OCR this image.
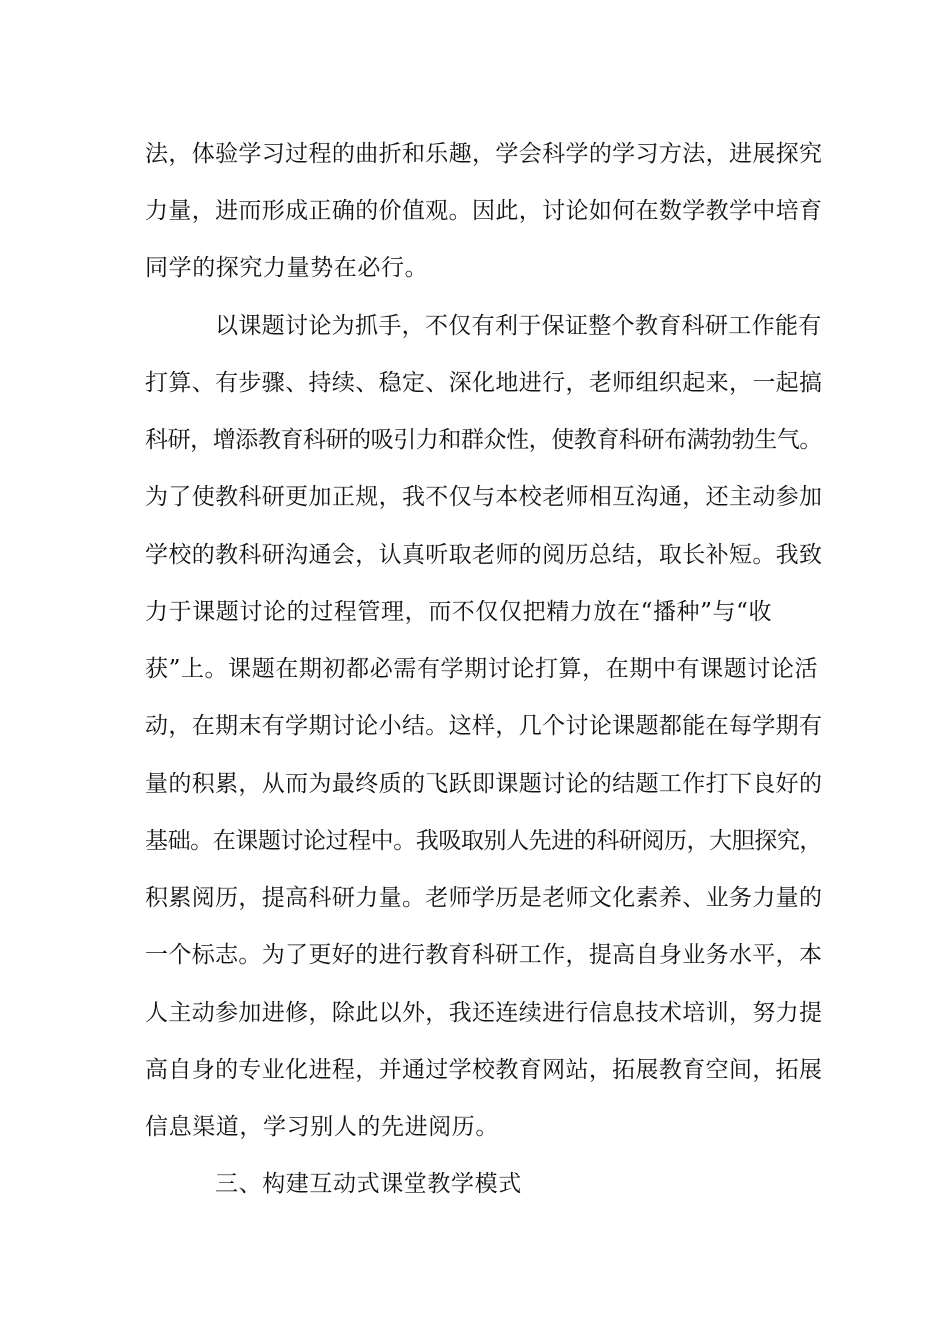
法，体验学习过程的曲折和乐趣，学会科学的学习方法，进展探究
力量，进而形成正确的价值观。因此，讨论如何在数学教学中培育
同学的探究力量势在必行。
以课题讨论为抓手，不仅有利于保证整个教育科研工作能有
打算、有步骤、持续、稳定、深化地进行，老师组织起来，一起搞
科研，增添教育科研的吸引力和群众性，使教育科研布满勃勃生气。
为了使教科研更加正规，我不仅与本校老师相互沟通，还主动参加
学校的教科研沟通会，认真听取老师的阅历总结，取长补短。我致
力于课题讨论的过程管理，而不仅仅把精力放在“播种”与“收
获”上。课题在期初都必需有学期讨论打算，在期中有课题讨论活
动，在期末有学期讨论小结。这样，几个讨论课题都能在每学期有
量的积累，从而为最终质的飞跃即课题讨论的结题工作打下良好的
基础。在课题讨论过程中。我吸取别人先进的科研阅历，大胆探究，
积累阅历，提高科研力量。老师学历是老师文化素养、业务力量的
一个标志。为了更好的进行教育科研工作，提高自身业务水平，本
人主动参加进修，除此以外，我还连续进行信息技术培训，努力提
高自身的专业化进程，并通过学校教育网站，拓展教育空间，拓展
信息渠道，学习别人的先进阅历。
三、构建互动式课堂教学模式
